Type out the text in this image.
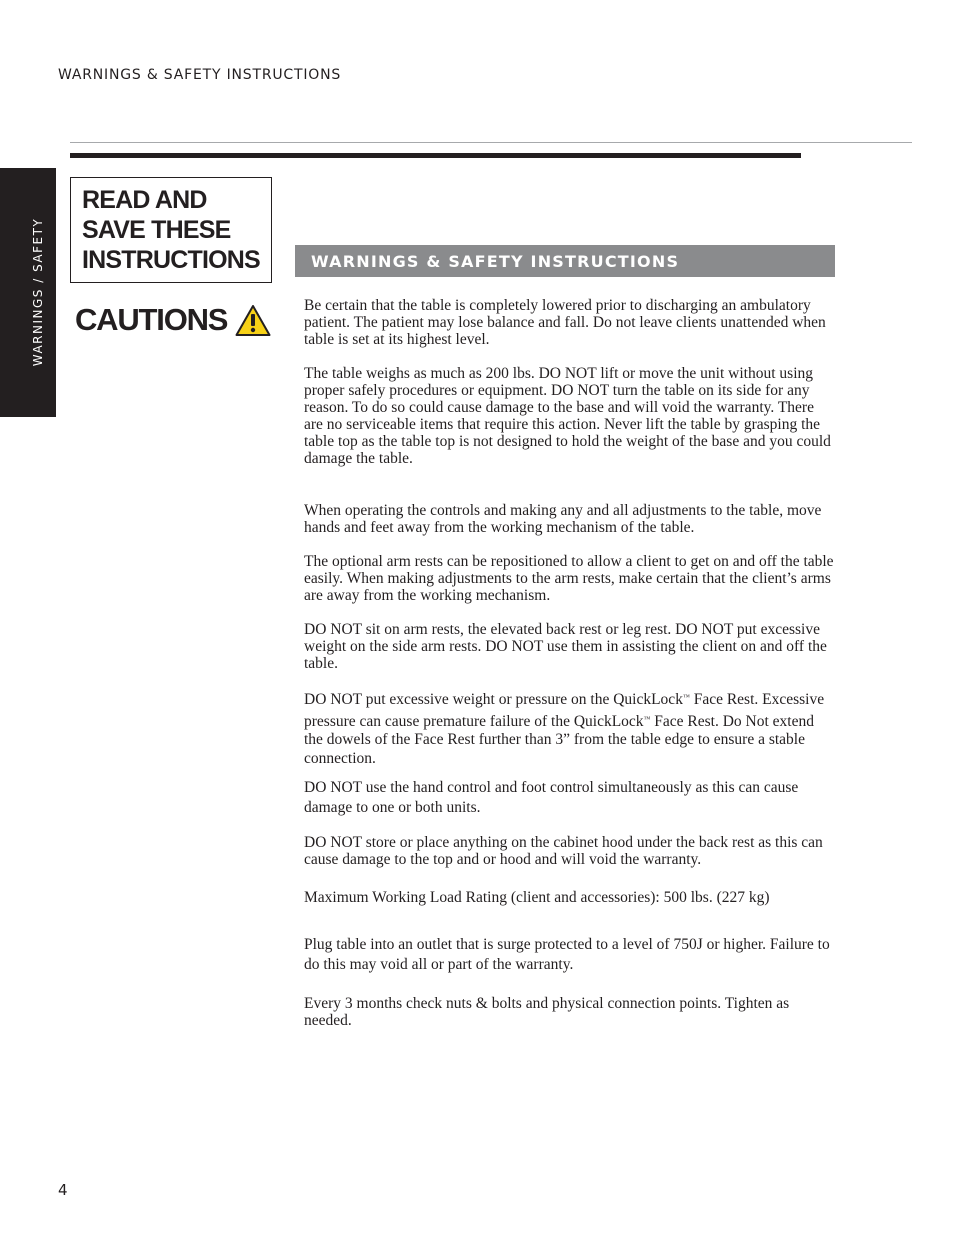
WARNINGS & SAFETY INSTRUCTIONS
WARNINGS / SAFETY

READ AND
SAVE THESE
INSTRUCTIONS

CAUTIONS
WARNINGS & SAFETY INSTRUCTIONS

Be certain that the table is completely lowered prior to discharging an ambulatory patient. The patient may lose balance and fall. Do not leave clients unattended when table is set at its highest level.

The table weighs as much as 200 lbs. DO NOT lift or move the unit without using proper safely procedures or equipment. DO NOT turn the table on its side for any reason. To do so could cause damage to the base and will void the warranty. There are no serviceable items that require this action. Never lift the table by grasping the table top as the table top is not designed to hold the weight of the base and you could damage the table.

When operating the controls and making any and all adjustments to the table, move hands and feet away from the working mechanism of the table.

The optional arm rests can be repositioned to allow a client to get on and off the table easily. When making adjustments to the arm rests, make certain that the client’s arms are away from the working mechanism.

DO NOT sit on arm rests, the elevated back rest or leg rest. DO NOT put excessive weight on the side arm rests. DO NOT use them in assisting the client on and off the table.

DO NOT put excessive weight or pressure on the QuickLock™ Face Rest. Excessive pressure can cause premature failure of the QuickLock™ Face Rest. Do Not extend the dowels of the Face Rest further than 3” from the table edge to ensure a stable connection.

DO NOT use the hand control and foot control simultaneously as this can cause damage to one or both units.

DO NOT store or place anything on the cabinet hood under the back rest as this can cause damage to the top and or hood and will void the warranty.

Maximum Working Load Rating (client and accessories): 500 lbs. (227 kg)

Plug table into an outlet that is surge protected to a level of 750J or higher. Failure to do this may void all or part of the warranty.

Every 3 months check nuts & bolts and physical connection points. Tighten as needed.

4
